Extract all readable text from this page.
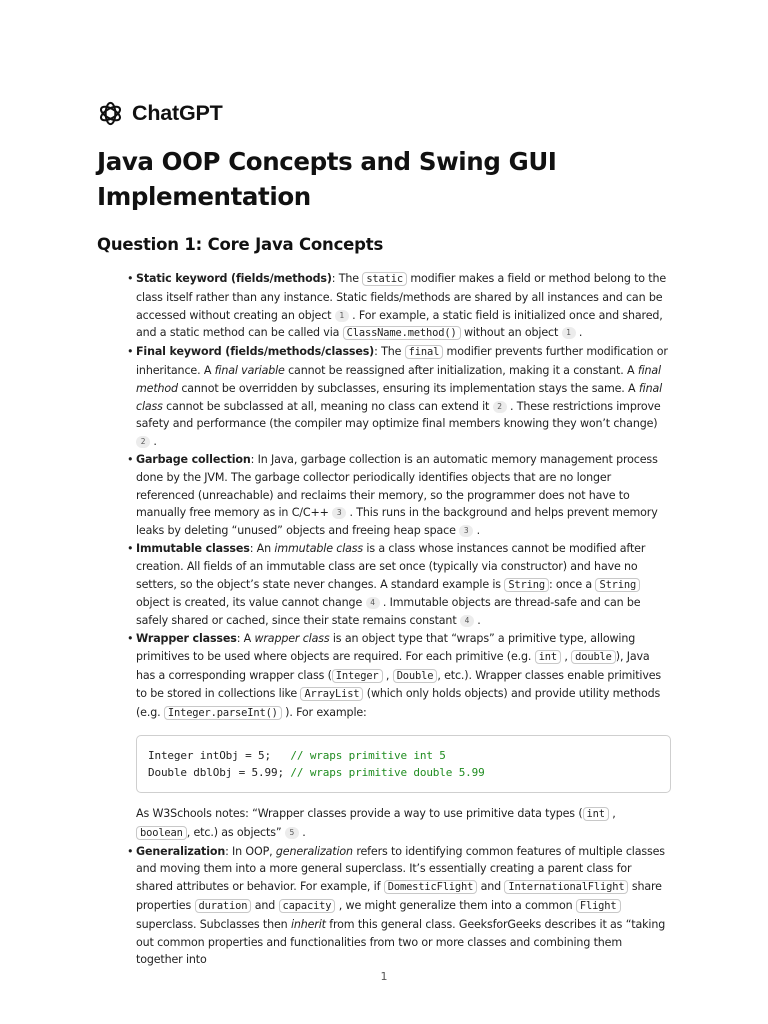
ChatGPT
Java OOP Concepts and Swing GUI Implementation
Question 1: Core Java Concepts
• Static keyword (fields/methods): The static modifier makes a field or method belong to the class itself rather than any instance. Static fields/methods are shared by all instances and can be accessed without creating an object 1 . For example, a static field is initialized once and shared, and a static method can be called via ClassName.method() without an object 1 .
• Final keyword (fields/methods/classes): The final modifier prevents further modification or inheritance. A final variable cannot be reassigned after initialization, making it a constant. A final method cannot be overridden by subclasses, ensuring its implementation stays the same. A final class cannot be subclassed at all, meaning no class can extend it 2 . These restrictions improve safety and performance (the compiler may optimize final members knowing they won’t change) 2 .
• Garbage collection: In Java, garbage collection is an automatic memory management process done by the JVM. The garbage collector periodically identifies objects that are no longer referenced (unreachable) and reclaims their memory, so the programmer does not have to manually free memory as in C/C++ 3 . This runs in the background and helps prevent memory leaks by deleting “unused” objects and freeing heap space 3 .
• Immutable classes: An immutable class is a class whose instances cannot be modified after creation. All fields of an immutable class are set once (typically via constructor) and have no setters, so the object’s state never changes. A standard example is String : once a String object is created, its value cannot change 4 . Immutable objects are thread-safe and can be safely shared or cached, since their state remains constant 4 .
• Wrapper classes: A wrapper class is an object type that “wraps” a primitive type, allowing primitives to be used where objects are required. For each primitive (e.g. int , double ), Java has a corresponding wrapper class ( Integer , Double , etc.). Wrapper classes enable primitives to be stored in collections like ArrayList (which only holds objects) and provide utility methods (e.g. Integer.parseInt() ). For example:
Integer intObj = 5;   // wraps primitive int 5
Double dblObj = 5.99; // wraps primitive double 5.99
As W3Schools notes: “Wrapper classes provide a way to use primitive data types ( int , boolean , etc.) as objects” 5 .
• Generalization: In OOP, generalization refers to identifying common features of multiple classes and moving them into a more general superclass. It’s essentially creating a parent class for shared attributes or behavior. For example, if DomesticFlight and InternationalFlight share properties duration and capacity , we might generalize them into a common Flight superclass. Subclasses then inherit from this general class. GeeksforGeeks describes it as “taking out common properties and functionalities from two or more classes and combining them together into
1
